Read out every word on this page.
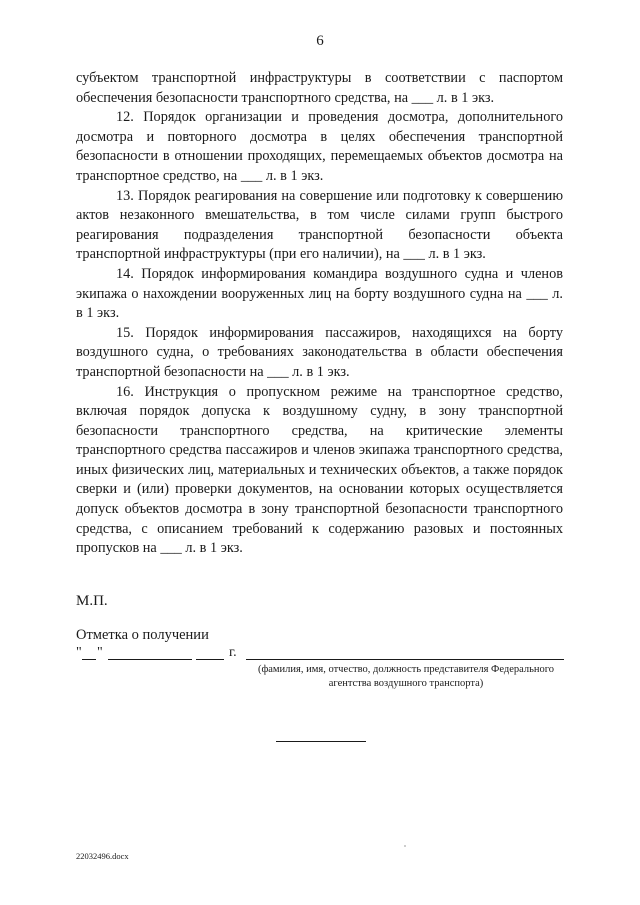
6

субъектом транспортной инфраструктуры в соответствии с паспортом обеспечения безопасности транспортного средства, на ___ л. в 1 экз.

12. Порядок организации и проведения досмотра, дополнительного досмотра и повторного досмотра в целях обеспечения транспортной безопасности в отношении проходящих, перемещаемых объектов досмотра на транспортное средство, на ___ л. в 1 экз.

13. Порядок реагирования на совершение или подготовку к совершению актов незаконного вмешательства, в том числе силами групп быстрого реагирования подразделения транспортной безопасности объекта транспортной инфраструктуры (при его наличии), на ___ л. в 1 экз.

14. Порядок информирования командира воздушного судна и членов экипажа о нахождении вооруженных лиц на борту воздушного судна на ___ л. в 1 экз.

15. Порядок информирования пассажиров, находящихся на борту воздушного судна, о требованиях законодательства в области обеспечения транспортной безопасности на ___ л. в 1 экз.

16. Инструкция о пропускном режиме на транспортное средство, включая порядок допуска к воздушному судну, в зону транспортной безопасности транспортного средства, на критические элементы транспортного средства пассажиров и членов экипажа транспортного средства, иных физических лиц, материальных и технических объектов, а также порядок сверки и (или) проверки документов, на основании которых осуществляется допуск объектов досмотра в зону транспортной безопасности транспортного средства, с описанием требований к содержанию разовых и постоянных пропусков на ___ л. в 1 экз.

М.П.
Отметка о получении
" "	г.
(фамилия, имя, отчество, должность представителя Федерального агентства воздушного транспорта)
22032496.docx
